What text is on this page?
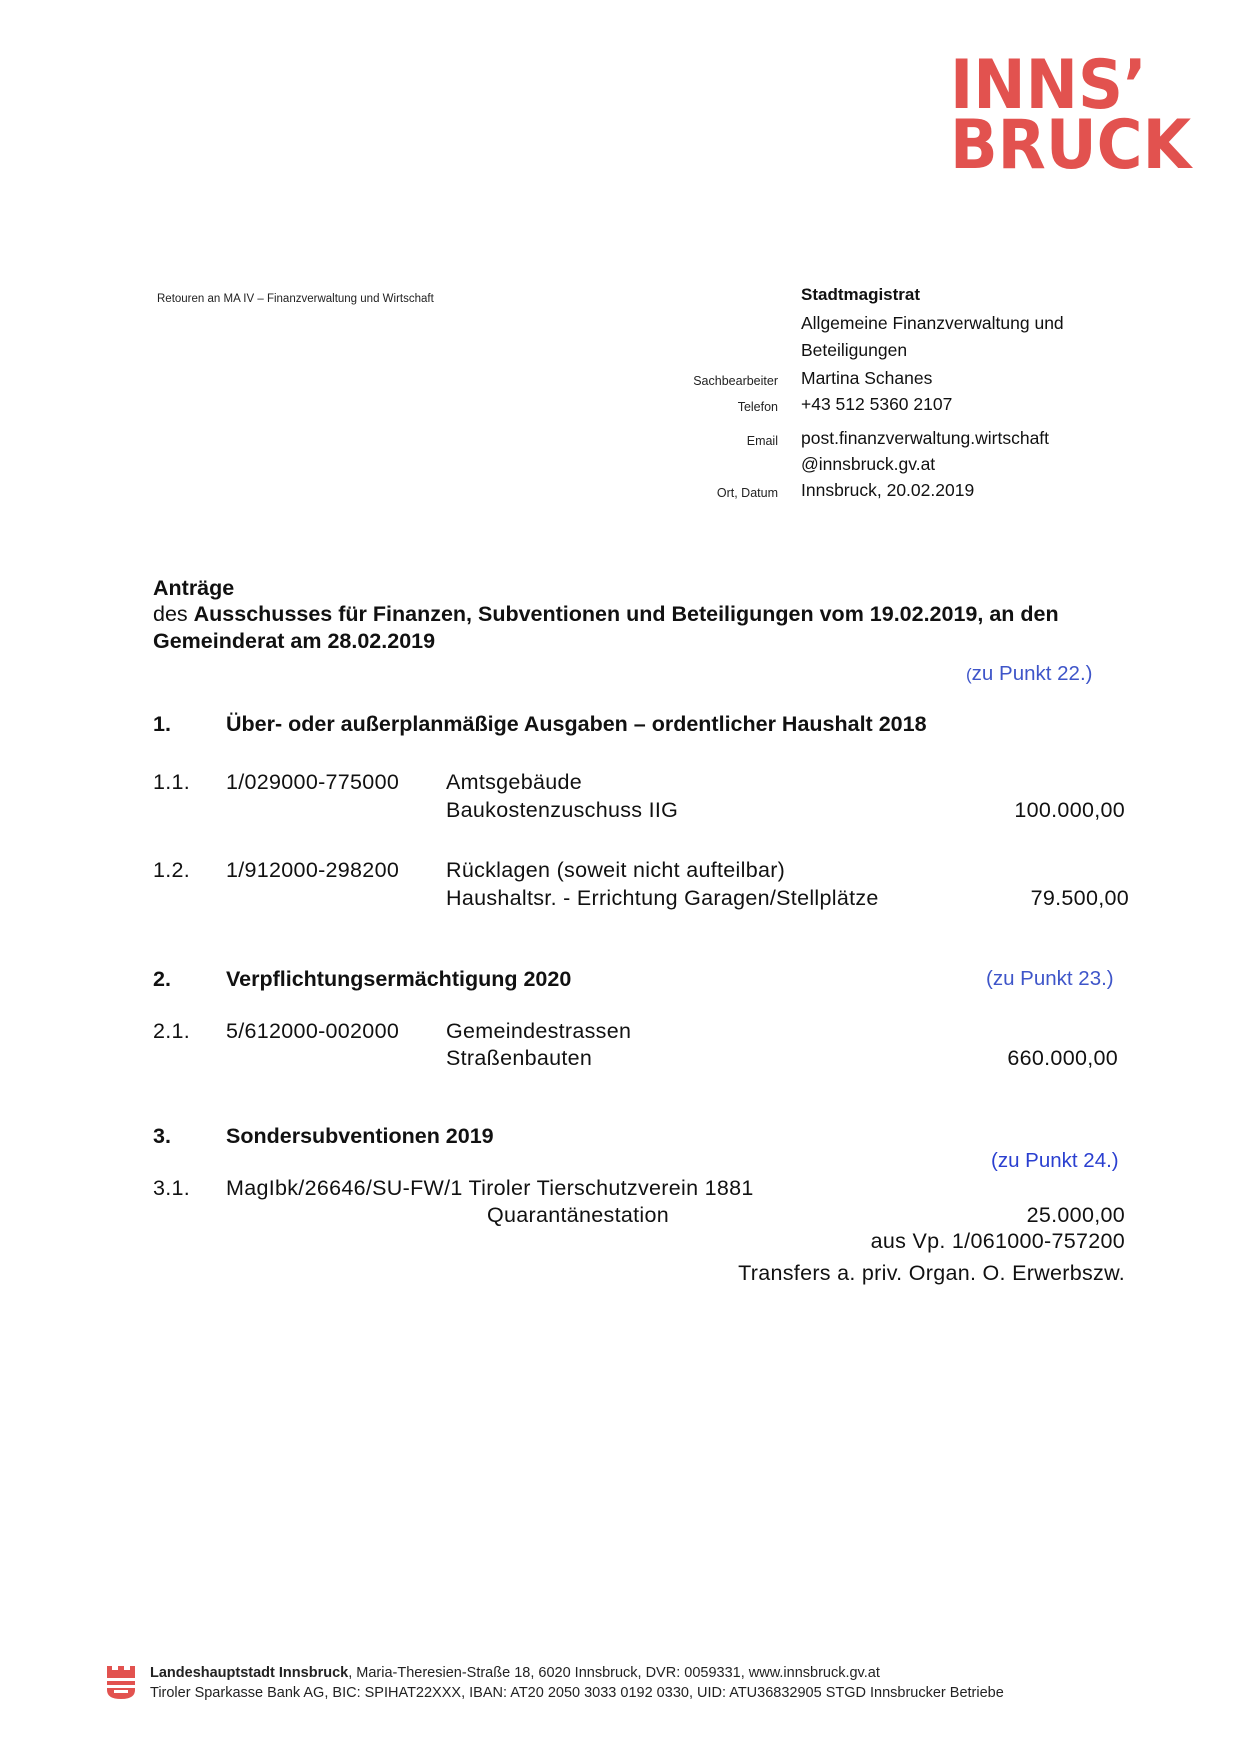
INNS’
BRUCK
Retouren an MA IV – Finanzverwaltung und Wirtschaft	Stadtmagistrat
Allgemeine Finanzverwaltung und
Beteiligungen
Sachbearbeiter Martina Schanes
Telefon +43 512 5360 2107
Email post.finanzverwaltung.wirtschaft
@innsbruck.gv.at
Ort, Datum Innsbruck, 20.02.2019
Anträge
des Ausschusses für Finanzen, Subventionen und Beteiligungen vom 19.02.2019, an den
Gemeinderat am 28.02.2019
(zu Punkt 22.)
1.	Über- oder außerplanmäßige Ausgaben – ordentlicher Haushalt 2018
1.1. 1/029000-775000 Amtsgebäude
Baukostenzuschuss IIG	100.000,00
1.2. 1/912000-298200 Rücklagen (soweit nicht aufteilbar)
Haushaltsr. - Errichtung Garagen/Stellplätze	79.500,00
2.	Verpflichtungsermächtigung 2020	(zu Punkt 23.)
2.1. 5/612000-002000 Gemeindestrassen
Straßenbauten	660.000,00
3.	Sondersubventionen 2019
(zu Punkt 24.)
3.1. MagIbk/26646/SU-FW/1 Tiroler Tierschutzverein 1881
Quarantänestation	25.000,00
aus Vp. 1/061000-757200
Transfers a. priv. Organ. O. Erwerbszw.
Landeshauptstadt Innsbruck, Maria-Theresien-Straße 18, 6020 Innsbruck, DVR: 0059331, www.innsbruck.gv.at
Tiroler Sparkasse Bank AG, BIC: SPIHAT22XXX, IBAN: AT20 2050 3033 0192 0330, UID: ATU36832905 STGD Innsbrucker Betriebe
